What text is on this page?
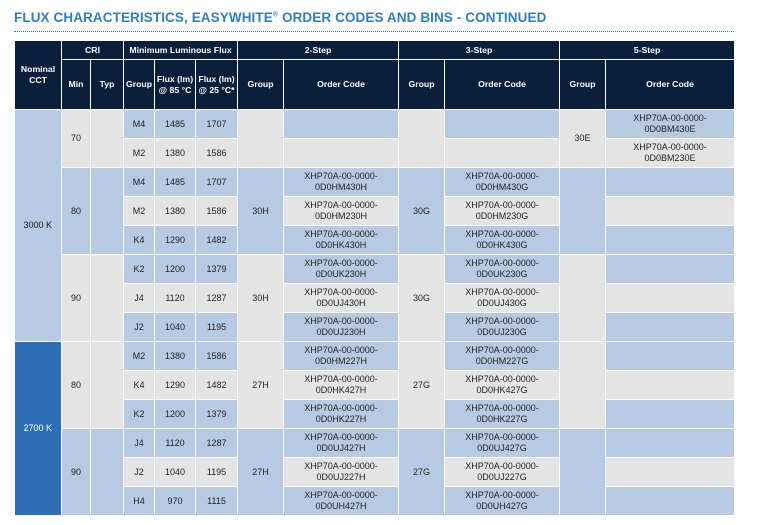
FLUX CHARACTERISTICS, EASYWHITE® ORDER CODES AND BINS - CONTINUED
Nominal CCT	CRI		Minimum Luminous Flux			2-Step		3-Step		5-Step	
	Min	Typ	Group	Flux (lm)
@ 85 °C	Flux (lm)
@ 25 °C*	Group	Order Code	Group	Order Code	Group	Order Code
3000 K	70		M4	1485	1707					30E	XHP70A-00-0000-
0D0BM430E
			M2	1380	1586						XHP70A-00-0000-
0D0BM230E
	80		M4	1485	1707	30H	XHP70A-00-0000-
0D0HM430H	30G	XHP70A-00-0000-
0D0HM430G		

			M2	1380	1586		XHP70A-00-0000-
0D0HM230H		XHP70A-00-0000-
0D0HM230G		

			K4	1290	1482		XHP70A-00-0000-
0D0HK430H		XHP70A-00-0000-
0D0HK430G		

	90		K2	1200	1379	30H	XHP70A-00-0000-
0D0UK230H	30G	XHP70A-00-0000-
0D0UK230G		

			J4	1120	1287		XHP70A-00-0000-
0D0UJ430H		XHP70A-00-0000-
0D0UJ430G		

			J2	1040	1195		XHP70A-00-0000-
0D0UJ230H		XHP70A-00-0000-
0D0UJ230G		

2700 K	80		M2	1380	1586	27H	XHP70A-00-0000-
0D0HM227H	27G	XHP70A-00-0000-
0D0HM227G		

			K4	1290	1482		XHP70A-00-0000-
0D0HK427H		XHP70A-00-0000-
0D0HK427G		

			K2	1200	1379		XHP70A-00-0000-
0D0HK227H		XHP70A-00-0000-
0D0HK227G		

	90		J4	1120	1287	27H	XHP70A-00-0000-
0D0UJ427H	27G	XHP70A-00-0000-
0D0UJ427G		

			J2	1040	1195		XHP70A-00-0000-
0D0UJ227H		XHP70A-00-0000-
0D0UJ227G		

			H4	970	1115		XHP70A-00-0000-
0D0UH427H		XHP70A-00-0000-
0D0UH427G		
